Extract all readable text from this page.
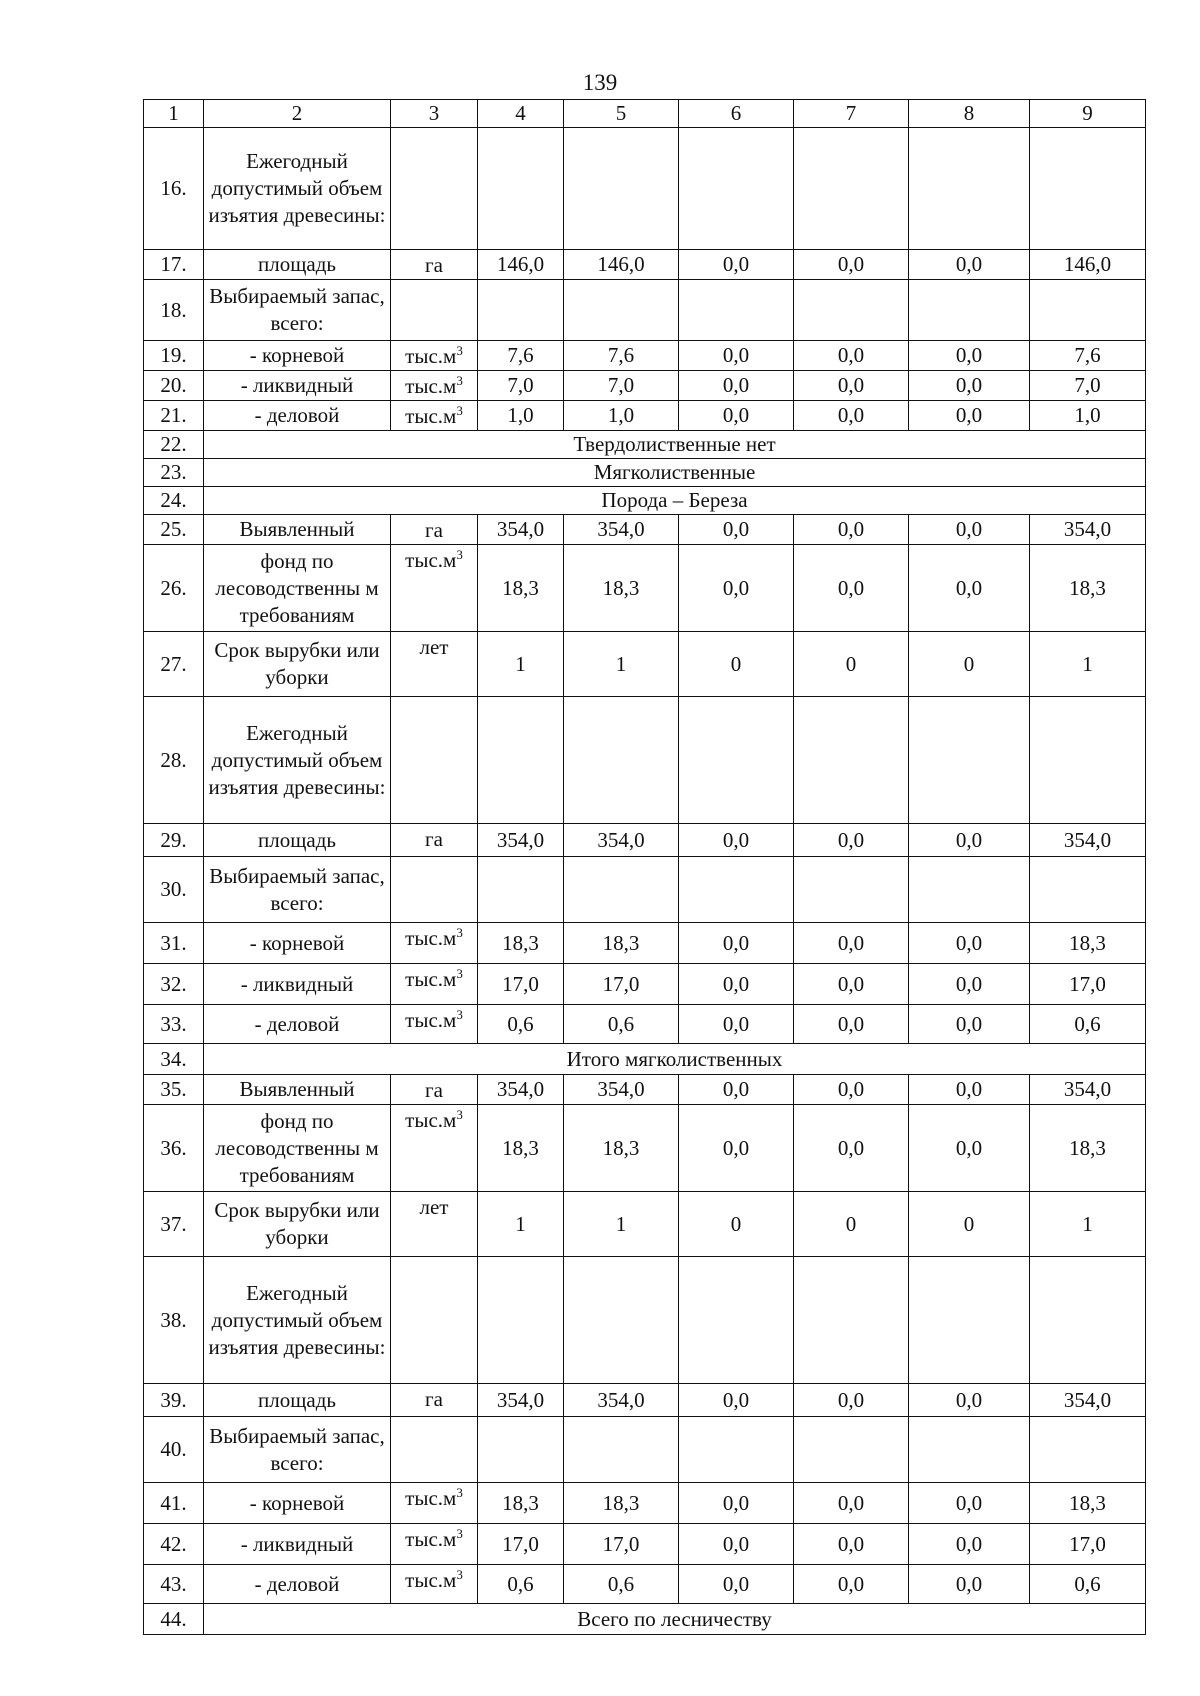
139
1	2	3	4	5	6	7	8	9
16.	Ежегодный допустимый объем изъятия древесины:							
17.	площадь	га	146,0	146,0	0,0	0,0	0,0	146,0
18.	Выбираемый запас, всего:							
19.	- корневой	$тыс.м^3$	7,6	7,6	0,0	0,0	0,0	7,6
20.	- ликвидный	$тыс.м^3$	7,0	7,0	0,0	0,0	0,0	7,0
21.	- деловой	$тыс.м^3$	1,0	1,0	0,0	0,0	0,0	1,0
22.	Твердолиственные нет							
23.	Мягколиственные							
24.	Порода – Береза							
25.	Выявленный	га	354,0	354,0	0,0	0,0	0,0	354,0
26.	фонд по лесоводственны м требованиям	$тыс.м^3$	18,3	18,3	0,0	0,0	0,0	18,3
27.	Срок вырубки или уборки	лет	1	1	0	0	0	1
28.	Ежегодный допустимый объем изъятия древесины:							
29.	площадь	га	354,0	354,0	0,0	0,0	0,0	354,0
30.	Выбираемый запас, всего:							
31.	- корневой	$тыс.м^3$	18,3	18,3	0,0	0,0	0,0	18,3
32.	- ликвидный	$тыс.м^3$	17,0	17,0	0,0	0,0	0,0	17,0
33.	- деловой	$тыс.м^3$	0,6	0,6	0,0	0,0	0,0	0,6
34.	Итого мягколиственных							
35.	Выявленный	га	354,0	354,0	0,0	0,0	0,0	354,0
36.	фонд по лесоводственны м требованиям	$тыс.м^3$	18,3	18,3	0,0	0,0	0,0	18,3
37.	Срок вырубки или уборки	лет	1	1	0	0	0	1
38.	Ежегодный допустимый объем изъятия древесины:							
39.	площадь	га	354,0	354,0	0,0	0,0	0,0	354,0
40.	Выбираемый запас, всего:							
41.	- корневой	$тыс.м^3$	18,3	18,3	0,0	0,0	0,0	18,3
42.	- ликвидный	$тыс.м^3$	17,0	17,0	0,0	0,0	0,0	17,0
43.	- деловой	$тыс.м^3$	0,6	0,6	0,0	0,0	0,0	0,6
44.	Всего по лесничеству							
